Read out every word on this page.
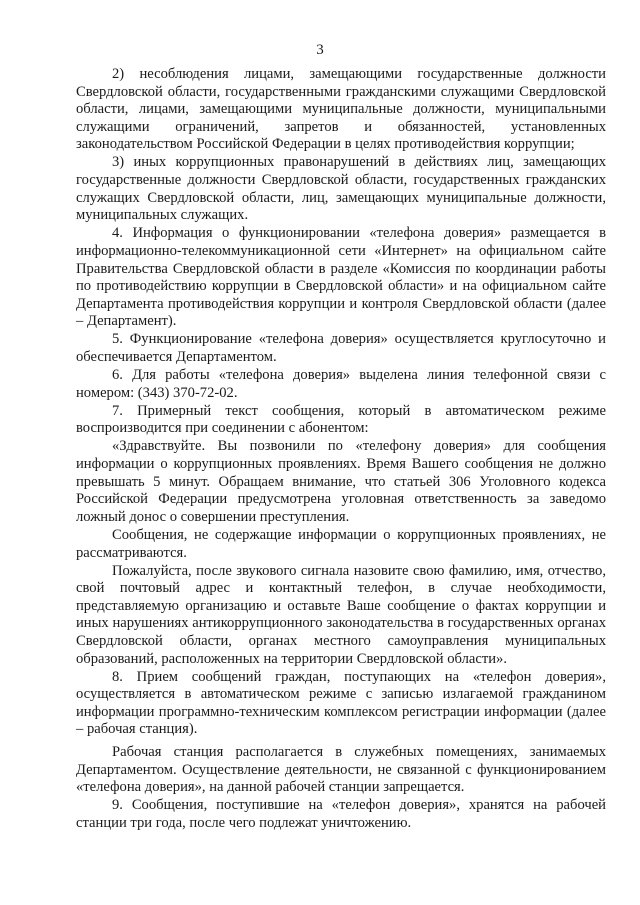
3

2) несоблюдения лицами, замещающими государственные должности Свердловской области, государственными гражданскими служащими Свердловской области, лицами, замещающими муниципальные должности, муниципальными служащими ограничений, запретов и обязанностей, установленных законодательством Российской Федерации в целях противодействия коррупции;

3) иных коррупционных правонарушений в действиях лиц, замещающих государственные должности Свердловской области, государственных гражданских служащих Свердловской области, лиц, замещающих муниципальные должности, муниципальных служащих.

4. Информация о функционировании «телефона доверия» размещается в информационно-телекоммуникационной сети «Интернет» на официальном сайте Правительства Свердловской области в разделе «Комиссия по координации работы по противодействию коррупции в Свердловской области» и на официальном сайте Департамента противодействия коррупции и контроля Свердловской области (далее – Департамент).

5. Функционирование «телефона доверия» осуществляется круглосуточно и обеспечивается Департаментом.

6. Для работы «телефона доверия» выделена линия телефонной связи с номером: (343) 370-72-02.

7. Примерный текст сообщения, который в автоматическом режиме воспроизводится при соединении с абонентом:

«Здравствуйте. Вы позвонили по «телефону доверия» для сообщения информации о коррупционных проявлениях. Время Вашего сообщения не должно превышать 5 минут. Обращаем внимание, что статьей 306 Уголовного кодекса Российской Федерации предусмотрена уголовная ответственность за заведомо ложный донос о совершении преступления.

Сообщения, не содержащие информации о коррупционных проявлениях, не рассматриваются.

Пожалуйста, после звукового сигнала назовите свою фамилию, имя, отчество, свой почтовый адрес и контактный телефон, в случае необходимости, представляемую организацию и оставьте Ваше сообщение о фактах коррупции и иных нарушениях антикоррупционного законодательства в государственных органах Свердловской области, органах местного самоуправления муниципальных образований, расположенных на территории Свердловской области».

8. Прием сообщений граждан, поступающих на «телефон доверия», осуществляется в автоматическом режиме с записью излагаемой гражданином информации программно-техническим комплексом регистрации информации (далее – рабочая станция).

Рабочая станция располагается в служебных помещениях, занимаемых Департаментом. Осуществление деятельности, не связанной с функционированием «телефона доверия», на данной рабочей станции запрещается.

9. Сообщения, поступившие на «телефон доверия», хранятся на рабочей станции три года, после чего подлежат уничтожению.
